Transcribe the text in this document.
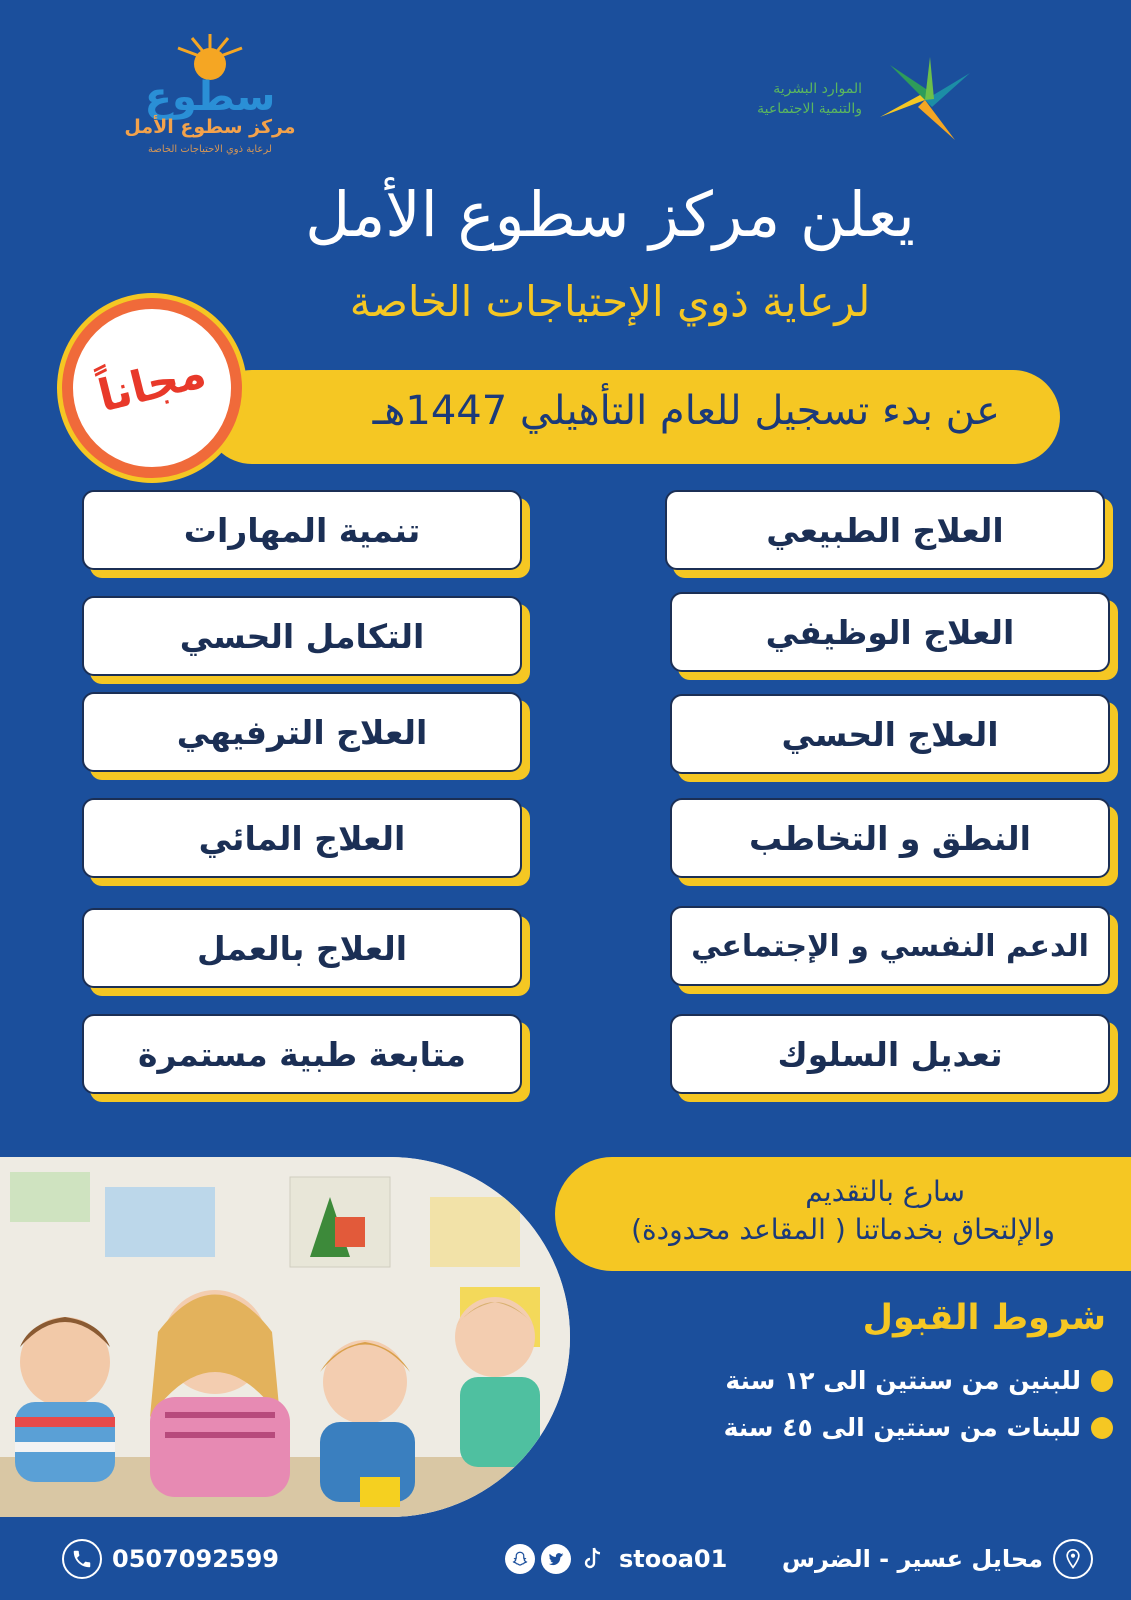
سطوع
مركز سطوع الأمل
لرعاية ذوي الاحتياجات الخاصة
الموارد البشرية
والتنمية الاجتماعية
يعلن مركز سطوع الأمل
لرعاية ذوي الإحتياجات الخاصة
عن بدء تسجيل للعام التأهيلي 1447هـ
مجاناً
العلاج الطبيعي
العلاج الوظيفي
العلاج الحسي
النطق و التخاطب
الدعم النفسي و الإجتماعي
تعديل السلوك
تنمية المهارات
التكامل الحسي
العلاج الترفيهي
العلاج المائي
العلاج بالعمل
متابعة طبية مستمرة
سارع بالتقديم
والإلتحاق بخدماتنا ( المقاعد محدودة)
شروط القبول
للبنين من سنتين الى ١٢ سنة
للبنات من سنتين الى ٤٥ سنة
0507092599	stooa01 محايل عسير - الضرس
